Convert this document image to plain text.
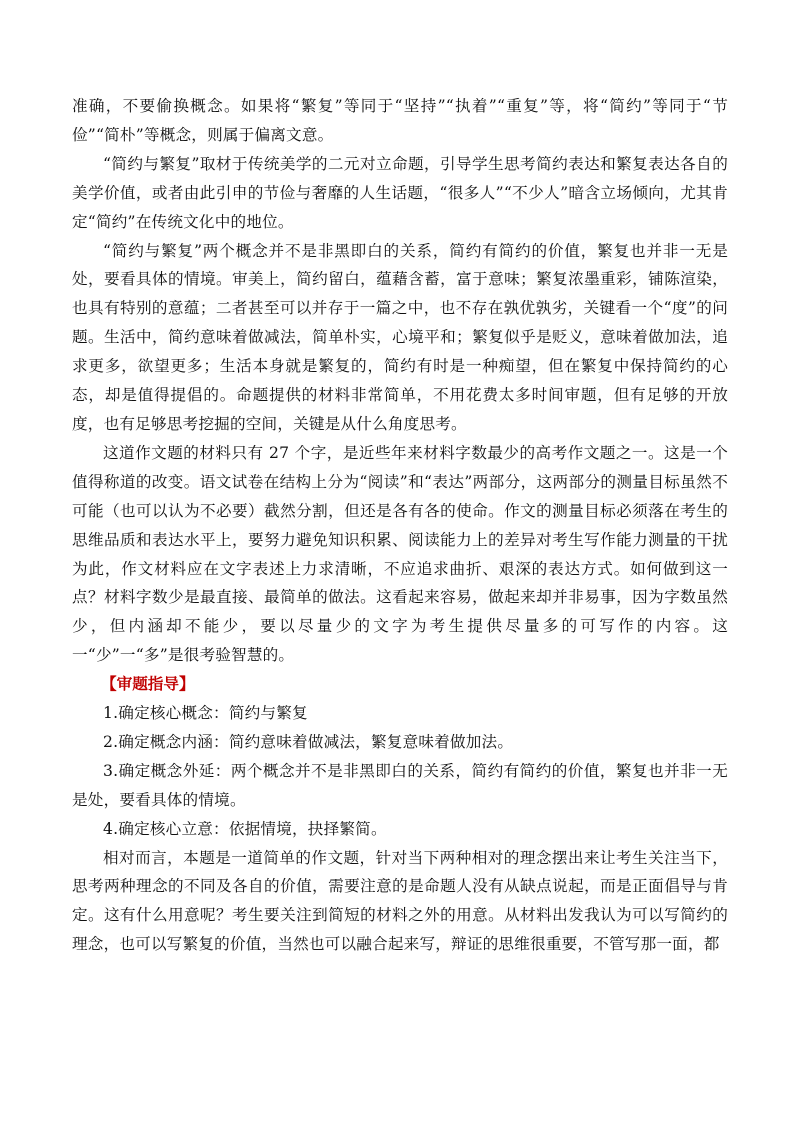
准确，不要偷换概念。如果将“繁复”等同于“坚持”“执着”“重复”等，将“简约”等同于“节俭”“简朴”等概念，则属于偏离文意。

“简约与繁复”取材于传统美学的二元对立命题，引导学生思考简约表达和繁复表达各自的美学价值，或者由此引申的节俭与奢靡的人生话题，“很多人”“不少人”暗含立场倾向，尤其肯定“简约”在传统文化中的地位。

“简约与繁复”两个概念并不是非黑即白的关系，简约有简约的价值，繁复也并非一无是处，要看具体的情境。审美上，简约留白，蕴藉含蓄，富于意味；繁复浓墨重彩，铺陈渲染，也具有特别的意蕴；二者甚至可以并存于一篇之中，也不存在孰优孰劣，关键看一个“度”的问题。生活中，简约意味着做减法，简单朴实，心境平和；繁复似乎是贬义，意味着做加法，追求更多，欲望更多；生活本身就是繁复的，简约有时是一种痴望，但在繁复中保持简约的心态，却是值得提倡的。命题提供的材料非常简单，不用花费太多时间审题，但有足够的开放度，也有足够思考挖掘的空间，关键是从什么角度思考。

这道作文题的材料只有 27 个字，是近些年来材料字数最少的高考作文题之一。这是一个值得称道的改变。语文试卷在结构上分为“阅读”和“表达”两部分，这两部分的测量目标虽然不可能（也可以认为不必要）截然分割，但还是各有各的使命。作文的测量目标必须落在考生的思维品质和表达水平上，要努力避免知识积累、阅读能力上的差异对考生写作能力测量的干扰 为此，作文材料应在文字表述上力求清晰，不应追求曲折、艰深的表达方式。如何做到这一点？材料字数少是最直接、最简单的做法。这看起来容易，做起来却并非易事，因为字数虽然少，但内涵却不能少，要以尽量少的文字为考生提供尽量多的可写作的内容。这一“少”一“多”是很考验智慧的。

【审题指导】

1.确定核心概念：简约与繁复

2.确定概念内涵：简约意味着做减法，繁复意味着做加法。

3.确定概念外延：两个概念并不是非黑即白的关系，简约有简约的价值，繁复也并非一无是处，要看具体的情境。

4.确定核心立意：依据情境，抉择繁简。

相对而言，本题是一道简单的作文题，针对当下两种相对的理念摆出来让考生关注当下，思考两种理念的不同及各自的价值，需要注意的是命题人没有从缺点说起，而是正面倡导与肯定。这有什么用意呢？考生要关注到简短的材料之外的用意。从材料出发我认为可以写简约的理念，也可以写繁复的价值，当然也可以融合起来写，辩证的思维很重要，不管写那一面，都
